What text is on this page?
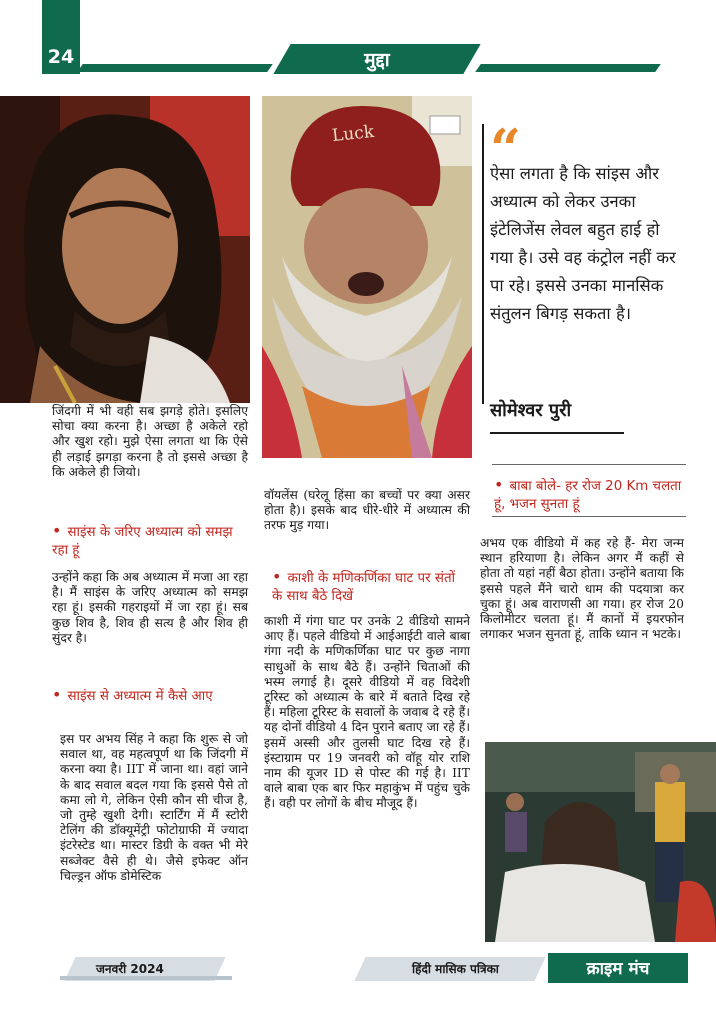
24	मुद्दा
Luck
जिंदगी में भी वही सब झगड़े होते। इसलिए सोचा क्या करना है। अच्छा है अकेले रहो और खुश रहो। मुझे ऐसा लगता था कि ऐसे ही लड़ाई झगड़ा करना है तो इससे अच्छा है कि अकेले ही जियो।
• साइंस के जरिए अध्यात्म को समझ रहा हूं
उन्होंने कहा कि अब अध्यात्म में मजा आ रहा है। मैं साइंस के जरिए अध्यात्म को समझ रहा हूं। इसकी गहराइयों में जा रहा हूं। सब कुछ शिव है, शिव ही सत्य है और शिव ही सुंदर है।
• साइंस से अध्यात्म में कैसे आए
इस पर अभय सिंह ने कहा कि शुरू से जो सवाल था, वह महत्वपूर्ण था कि जिंदगी में करना क्या है। IIT में जाना था। वहां जाने के बाद सवाल बदल गया कि इससे पैसे तो कमा लो गे, लेकिन ऐसी कौन सी चीज है, जो तुम्हे खुशी देगी। स्टार्टिंग में मैं स्टोरी टेलिंग की डॉक्यूमेंट्री फोटोग्राफी में ज्यादा इंटरेस्टेड था। मास्टर डिग्री के वक्त भी मेरे सब्जेक्ट वैसे ही थे। जैसे इफेक्ट ऑन चिल्ड्रन ऑफ डोमेस्टिक
वॉयलेंस (घरेलू हिंसा का बच्चों पर क्या असर होता है)। इसके बाद धीरे-धीरे में अध्यात्म की तरफ मुड़ गया।
• काशी के मणिकर्णिका घाट पर संतों के साथ बैठे दिखें
काशी में गंगा घाट पर उनके 2 वीडियो सामने आए हैं। पहले वीडियो में आईआईटी वाले बाबा गंगा नदी के मणिकर्णिका घाट पर कुछ नागा साधुओं के साथ बैठे हैं। उन्होंने चिताओं की भस्म लगाई है। दूसरे वीडियो में वह विदेशी टूरिस्ट को अध्यात्म के बारे में बताते दिख रहे हैं। महिला टूरिस्ट के सवालों के जवाब दे रहे हैं। यह दोनों वीडियो 4 दिन पुराने बताए जा रहे हैं। इसमें अस्सी और तुलसी घाट दिख रहे हैं। इंस्टाग्राम पर 19 जनवरी को वॉहू योर राशि नाम की यूजर ID से पोस्ट की गई है। IIT वाले बाबा एक बार फिर महाकुंभ में पहुंच चुके हैं। वही पर लोगों के बीच मौजूद हैं।
“
ऐसा लगता है कि सांइस और अध्यात्म को लेकर उनका इंटेलिजेंस लेवल बहुत हाई हो गया है। उसे वह कंट्रोल नहीं कर पा रहे। इससे उनका मानसिक संतुलन बिगड़ सकता है।
सोमेश्वर पुरी
• बाबा बोले- हर रोज 20 Km चलता हूं, भजन सुनता हूं
अभय एक वीडियो में कह रहे हैं- मेरा जन्म स्थान हरियाणा है। लेकिन अगर मैं कहीं से होता तो यहां नहीं बैठा होता। उन्होंने बताया कि इससे पहले मैंने चारो धाम की पदयात्रा कर चुका हूं। अब वाराणसी आ गया। हर रोज 20 किलोमीटर चलता हूं। मैं कानों में इयरफोन लगाकर भजन सुनता हूं, ताकि ध्यान न भटके।
जनवरी 2024	हिंदी मासिक पत्रिका	क्राइम मंच
